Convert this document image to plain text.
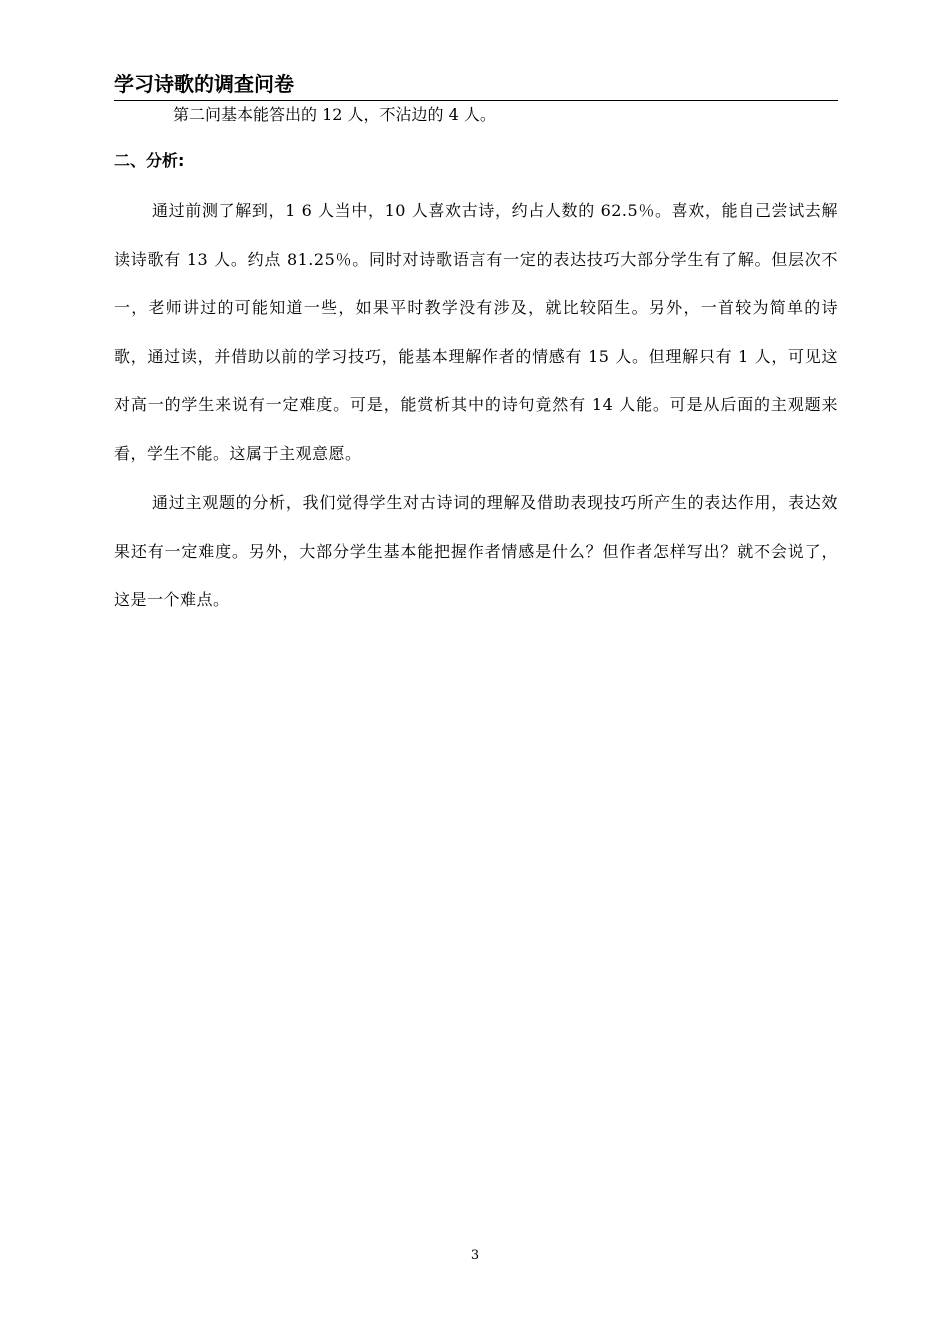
学习诗歌的调查问卷
第二问基本能答出的 12 人，不沾边的 4 人。
二、分析:
通过前测了解到，1 6 人当中，10 人喜欢古诗，约占人数的 62.5％。喜欢，能自己尝试去解读诗歌有 13 人。约点 81.25％。同时对诗歌语言有一定的表达技巧大部分学生有了解。但层次不一，老师讲过的可能知道一些，如果平时教学没有涉及，就比较陌生。另外，一首较为简单的诗歌，通过读，并借助以前的学习技巧，能基本理解作者的情感有 15 人。但理解只有 1 人，可见这对高一的学生来说有一定难度。可是，能赏析其中的诗句竟然有 14 人能。可是从后面的主观题来看，学生不能。这属于主观意愿。
通过主观题的分析，我们觉得学生对古诗词的理解及借助表现技巧所产生的表达作用，表达效果还有一定难度。另外，大部分学生基本能把握作者情感是什么？但作者怎样写出？就不会说了，这是一个难点。
3
